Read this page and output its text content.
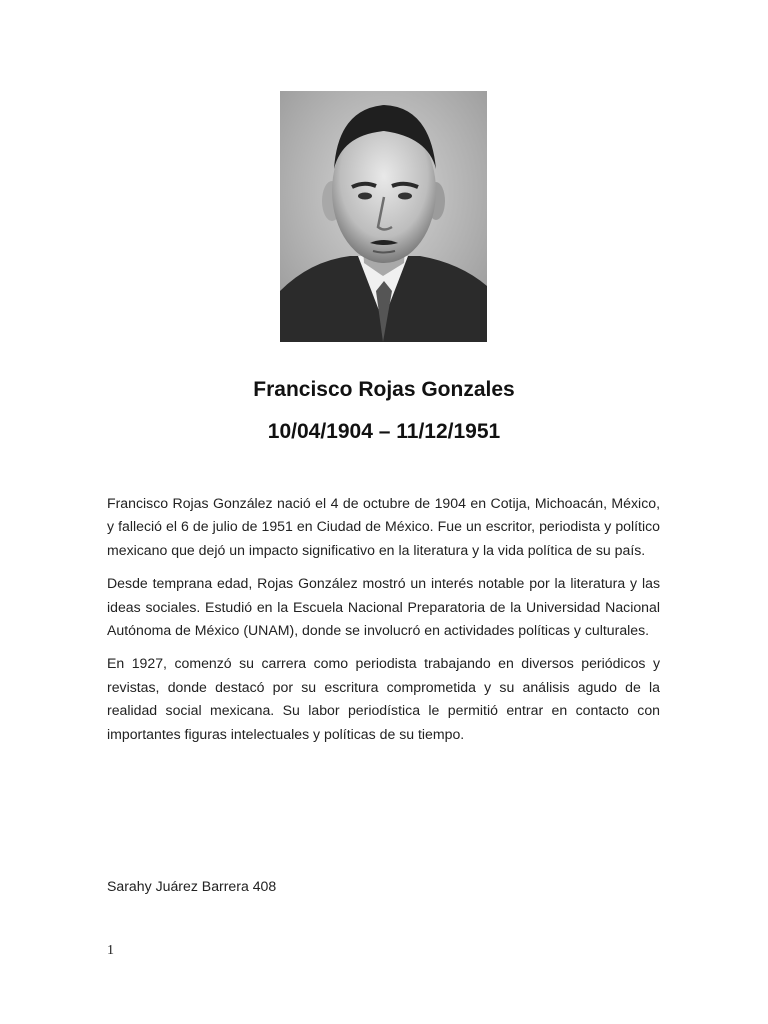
Francisco Rojas Gonzales
10/04/1904 – 11/12/1951

Francisco Rojas González nació el 4 de octubre de 1904 en Cotija, Michoacán, México, y falleció el 6 de julio de 1951 en Ciudad de México. Fue un escritor, periodista y político mexicano que dejó un impacto significativo en la literatura y la vida política de su país.

Desde temprana edad, Rojas González mostró un interés notable por la literatura y las ideas sociales. Estudió en la Escuela Nacional Preparatoria de la Universidad Nacional Autónoma de México (UNAM), donde se involucró en actividades políticas y culturales.

En 1927, comenzó su carrera como periodista trabajando en diversos periódicos y revistas, donde destacó por su escritura comprometida y su análisis agudo de la realidad social mexicana. Su labor periodística le permitió entrar en contacto con importantes figuras intelectuales y políticas de su tiempo.

Sarahy Juárez Barrera 408
1
